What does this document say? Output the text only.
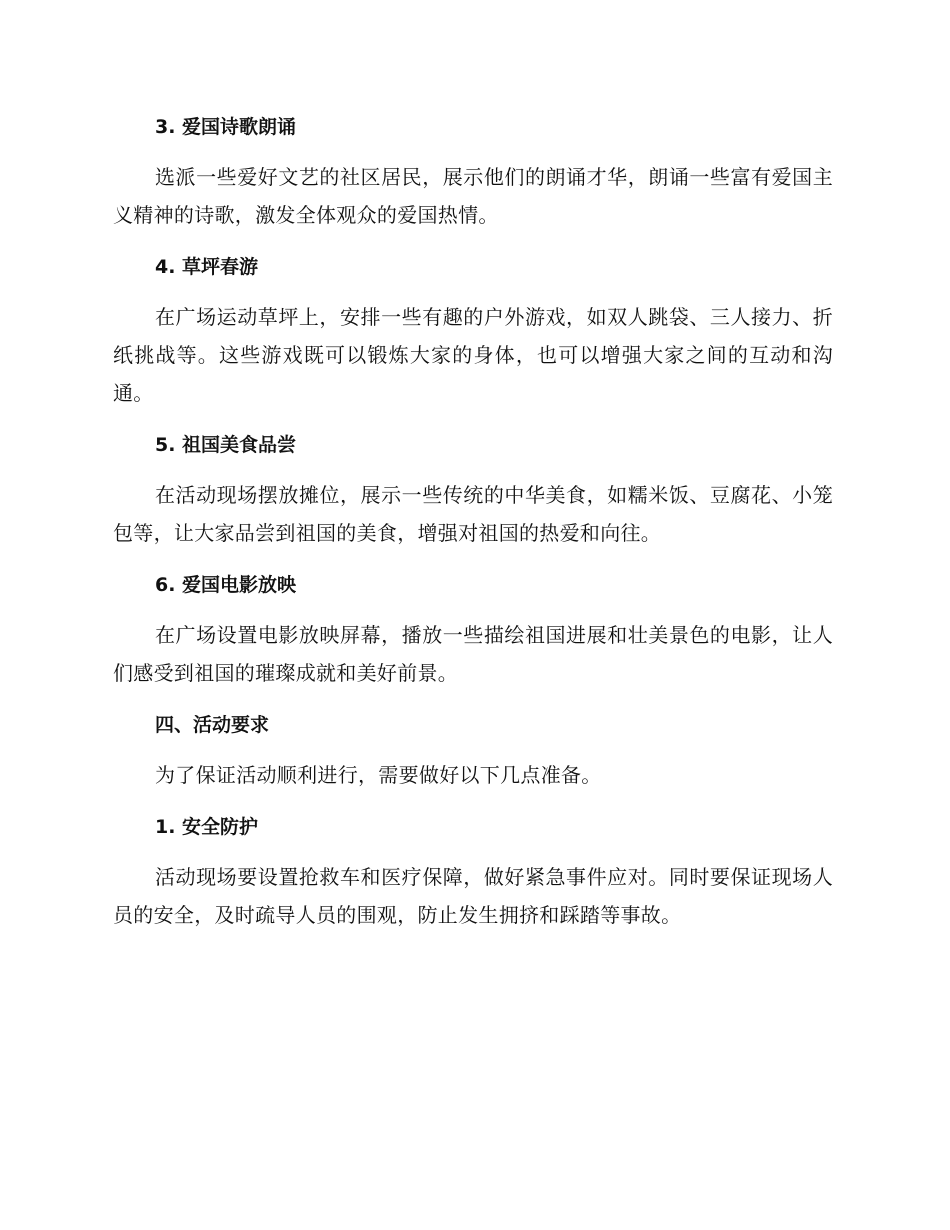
3. 爱国诗歌朗诵

选派一些爱好文艺的社区居民，展示他们的朗诵才华，朗诵一些富有爱国主义精神的诗歌，激发全体观众的爱国热情。

4. 草坪春游

在广场运动草坪上，安排一些有趣的户外游戏，如双人跳袋、三人接力、折纸挑战等。这些游戏既可以锻炼大家的身体，也可以增强大家之间的互动和沟通。

5. 祖国美食品尝

在活动现场摆放摊位，展示一些传统的中华美食，如糯米饭、豆腐花、小笼包等，让大家品尝到祖国的美食，增强对祖国的热爱和向往。

6. 爱国电影放映

在广场设置电影放映屏幕，播放一些描绘祖国进展和壮美景色的电影，让人们感受到祖国的璀璨成就和美好前景。

四、活动要求

为了保证活动顺利进行，需要做好以下几点准备。

1. 安全防护

活动现场要设置抢救车和医疗保障，做好紧急事件应对。同时要保证现场人员的安全，及时疏导人员的围观，防止发生拥挤和踩踏等事故。
